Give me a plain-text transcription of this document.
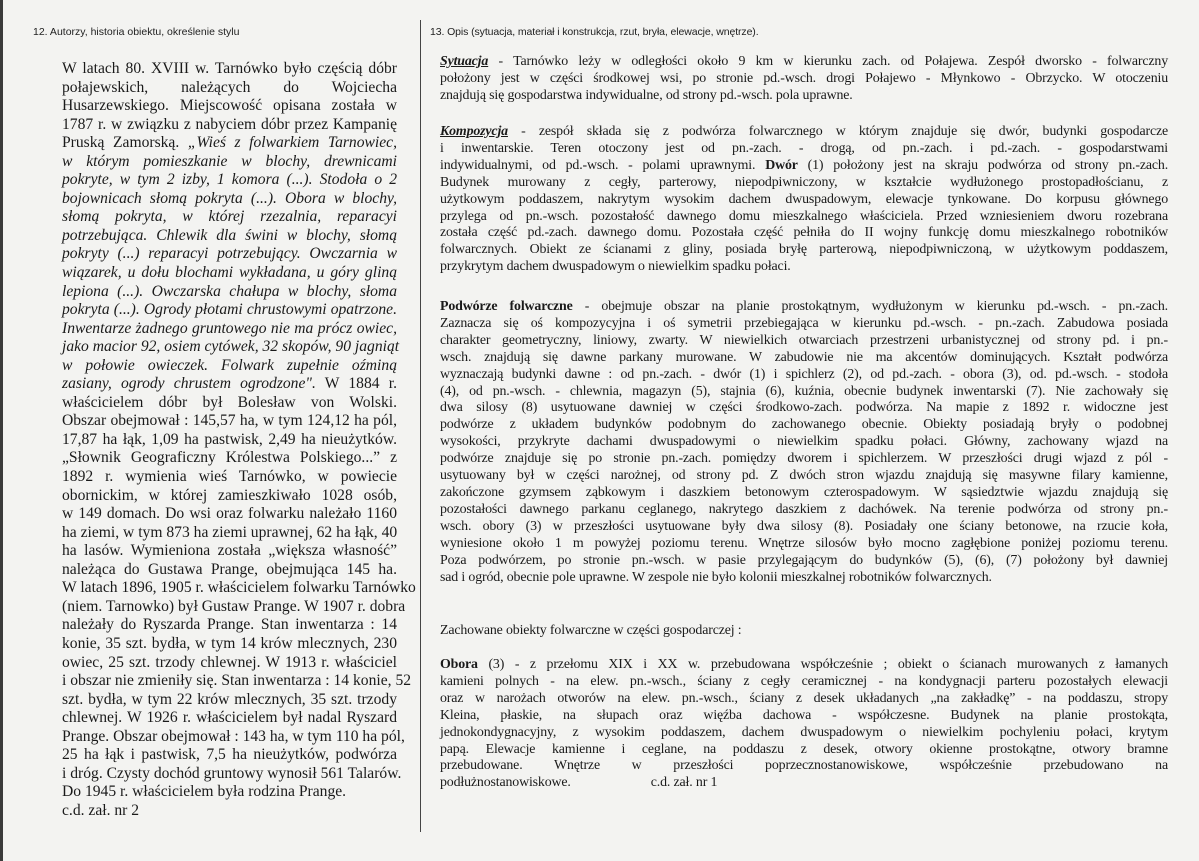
12. Autorzy, historia obiektu, określenie stylu	13. Opis (sytuacja, materiał i konstrukcja, rzut, bryła, elewacje, wnętrze).
W latach 80. XVIII w. Tarnówko było częścią dóbr
połajewskich, należących do Wojciecha
Husarzewskiego. Miejscowość opisana została w
1787 r. w związku z nabyciem dóbr przez Kampanię
Pruską Zamorską. „Wieś z folwarkiem Tarnowiec,
w którym pomieszkanie w blochy, drewnicami
pokryte, w tym 2 izby, 1 komora (...). Stodoła o 2
bojownicach słomą pokryta (...). Obora w blochy,
słomą pokryta, w której rzezalnia, reparacyi
potrzebująca. Chlewik dla świni w blochy, słomą
pokryty (...) reparacyi potrzebujący. Owczarnia w
wiązarek, u dołu blochami wykładana, u góry gliną
lepiona (...). Owczarska chałupa w blochy, słoma
pokryta (...). Ogrody płotami chrustowymi opatrzone.
Inwentarze żadnego gruntowego nie ma prócz owiec,
jako macior 92, osiem cytówek, 32 skopów, 90 jagniąt
w połowie owieczek. Folwark zupełnie oźminą
zasiany, ogrody chrustem ogrodzone". W 1884 r.
właścicielem dóbr był Bolesław von Wolski.
Obszar obejmował : 145,57 ha, w tym 124,12 ha pól,
17,87 ha łąk, 1,09 ha pastwisk, 2,49 ha nieużytków.
„Słownik Geograficzny Królestwa Polskiego...” z
1892 r. wymienia wieś Tarnówko, w powiecie
obornickim, w której zamieszkiwało 1028 osób,
w 149 domach. Do wsi oraz folwarku należało 1160
ha ziemi, w tym 873 ha ziemi uprawnej, 62 ha łąk, 40
ha lasów. Wymieniona została „większa własność”
należąca do Gustawa Prange, obejmująca 145 ha.
W latach 1896, 1905 r. właścicielem folwarku Tarnówko
(niem. Tarnowko) był Gustaw Prange. W 1907 r. dobra
należały do Ryszarda Prange. Stan inwentarza : 14
konie, 35 szt. bydła, w tym 14 krów mlecznych, 230
owiec, 25 szt. trzody chlewnej. W 1913 r. właściciel
i obszar nie zmieniły się. Stan inwentarza : 14 konie, 52
szt. bydła, w tym 22 krów mlecznych, 35 szt. trzody
chlewnej. W 1926 r. właścicielem był nadal Ryszard
Prange. Obszar obejmował : 143 ha, w tym 110 ha pól,
25 ha łąk i pastwisk, 7,5 ha nieużytków, podwórza
i dróg. Czysty dochód gruntowy wynosił 561 Talarów.
Do 1945 r. właścicielem była rodzina Prange.
c.d. zał. nr 2
Sytuacja - Tarnówko leży w odległości około 9 km w kierunku zach. od Połajewa. Zespół dworsko - folwarczny
położony jest w części środkowej wsi, po stronie pd.-wsch. drogi Połajewo - Młynkowo - Obrzycko. W otoczeniu
znajdują się gospodarstwa indywidualne, od strony pd.-wsch. pola uprawne.
Kompozycja - zespół składa się z podwórza folwarcznego w którym znajduje się dwór, budynki gospodarcze
i inwentarskie. Teren otoczony jest od pn.-zach. - drogą, od pn.-zach. i pd.-zach. - gospodarstwami
indywidualnymi, od pd.-wsch. - polami uprawnymi. Dwór (1) położony jest na skraju podwórza od strony pn.-zach.
Budynek murowany z cegły, parterowy, niepodpiwniczony, w kształcie wydłużonego prostopadłościanu, z
użytkowym poddaszem, nakrytym wysokim dachem dwuspadowym, elewacje tynkowane. Do korpusu głównego
przylega od pn.-wsch. pozostałość dawnego domu mieszkalnego właściciela. Przed wzniesieniem dworu rozebrana
została część pd.-zach. dawnego domu. Pozostała część pełniła do II wojny funkcję domu mieszkalnego robotników
folwarcznych. Obiekt ze ścianami z gliny, posiada bryłę parterową, niepodpiwniczoną, w użytkowym poddaszem,
przykrytym dachem dwuspadowym o niewielkim spadku połaci.
Podwórze folwarczne - obejmuje obszar na planie prostokątnym, wydłużonym w kierunku pd.-wsch. - pn.-zach.
Zaznacza się oś kompozycyjna i oś symetrii przebiegająca w kierunku pd.-wsch. - pn.-zach. Zabudowa posiada
charakter geometryczny, liniowy, zwarty. W niewielkich otwarciach przestrzeni urbanistycznej od strony pd. i pn.-
wsch. znajdują się dawne parkany murowane. W zabudowie nie ma akcentów dominujących. Kształt podwórza
wyznaczają budynki dawne : od pn.-zach. - dwór (1) i spichlerz (2), od pd.-zach. - obora (3), od. pd.-wsch. - stodoła
(4), od pn.-wsch. - chlewnia, magazyn (5), stajnia (6), kuźnia, obecnie budynek inwentarski (7). Nie zachowały się
dwa silosy (8) usytuowane dawniej w części środkowo-zach. podwórza. Na mapie z 1892 r. widoczne jest
podwórze z układem budynków podobnym do zachowanego obecnie. Obiekty posiadają bryły o podobnej
wysokości, przykryte dachami dwuspadowymi o niewielkim spadku połaci. Główny, zachowany wjazd na
podwórze znajduje się po stronie pn.-zach. pomiędzy dworem i spichlerzem. W przeszłości drugi wjazd z pól -
usytuowany był w części narożnej, od strony pd. Z dwóch stron wjazdu znajdują się masywne filary kamienne,
zakończone gzymsem ząbkowym i daszkiem betonowym czterospadowym. W sąsiedztwie wjazdu znajdują się
pozostałości dawnego parkanu ceglanego, nakrytego daszkiem z dachówek. Na terenie podwórza od strony pn.-
wsch. obory (3) w przeszłości usytuowane były dwa silosy (8). Posiadały one ściany betonowe, na rzucie koła,
wyniesione około 1 m powyżej poziomu terenu. Wnętrze silosów było mocno zagłębione poniżej poziomu terenu.
Poza podwórzem, po stronie pn.-wsch. w pasie przylegającym do budynków (5), (6), (7) położony był dawniej
sad i ogród, obecnie pole uprawne. W zespole nie było kolonii mieszkalnej robotników folwarcznych.
Zachowane obiekty folwarczne w części gospodarczej :
Obora (3) - z przełomu XIX i XX w. przebudowana współcześnie ; obiekt o ścianach murowanych z łamanych
kamieni polnych - na elew. pn.-wsch., ściany z cegły ceramicznej - na kondygnacji parteru pozostałych elewacji
oraz w narożach otworów na elew. pn.-wsch., ściany z desek układanych „na zakładkę” - na poddaszu, stropy
Kleina, płaskie, na słupach oraz więźba dachowa - współczesne. Budynek na planie prostokąta,
jednokondygnacyjny, z wysokim poddaszem, dachem dwuspadowym o niewielkim pochyleniu połaci, krytym
papą. Elewacje kamienne i ceglane, na poddaszu z desek, otwory okienne prostokątne, otwory bramne
przebudowane. Wnętrze w przeszłości poprzecznostanowiskowe, współcześnie przebudowano na
podłużnostanowiskowe.	c.d. zał. nr 1
